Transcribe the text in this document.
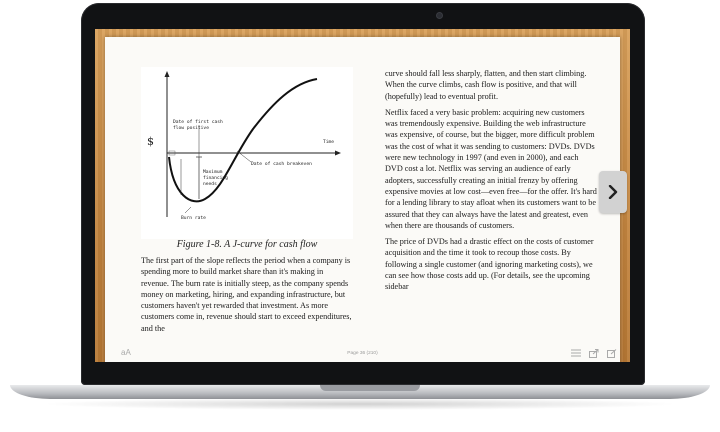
$	Time
Date of first cash
flow positive
Maximum
financing
needs
Date of cash breakeven
Burn rate
Figure 1-8. A J-curve for cash flow

The first part of the slope reflects the period when a company is spending more to build market share than it's making in revenue. The burn rate is initially steep, as the company spends money on marketing, hiring, and expanding infrastructure, but customers haven't yet rewarded that investment. As more customers come in, revenue should start to exceed expenditures, and the

curve should fall less sharply, flatten, and then start climbing. When the curve climbs, cash flow is positive, and that will (hopefully) lead to eventual profit.

Netflix faced a very basic problem: acquiring new customers was tremendously expensive. Building the web infrastructure was expensive, of course, but the bigger, more difficult problem was the cost of what it was sending to customers: DVDs. DVDs were new technology in 1997 (and even in 2000), and each DVD cost a lot. Netflix was serving an audience of early adopters, successfully creating an initial frenzy by offering expensive movies at low cost—even free—for the offer. It's hard for a lending library to stay afloat when its customers want to be assured that they can always have the latest and greatest, even when there are thousands of customers.

The price of DVDs had a drastic effect on the costs of customer acquisition and the time it took to recoup those costs. By following a single customer (and ignoring marketing costs), we can see how those costs add up. (For details, see the upcoming sidebar

aA	Page 36 (210)
